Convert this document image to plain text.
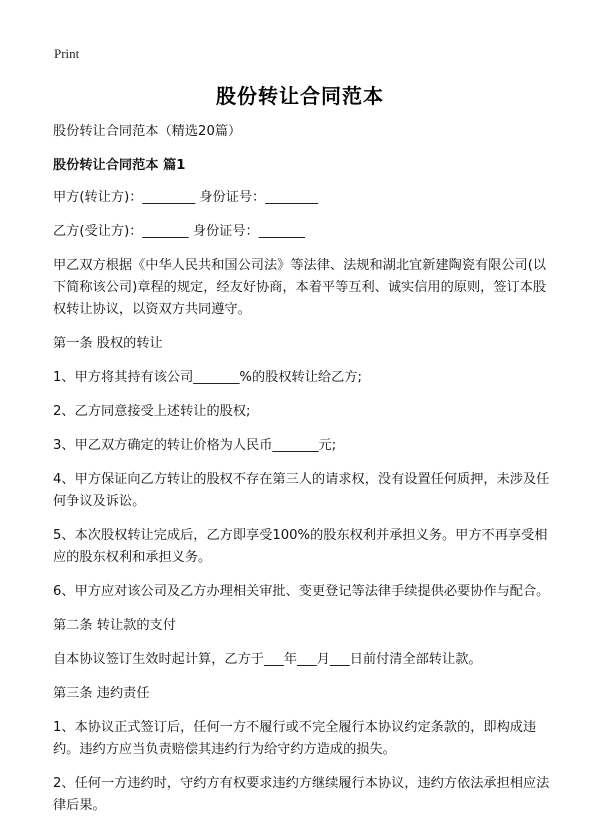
Print
股份转让合同范本

股份转让合同范本（精选20篇）

股份转让合同范本 篇1

甲方(转让方)：________ 身份证号：________

乙方(受让方)：_______ 身份证号：_______

甲乙双方根据《中华人民共和国公司法》等法律、法规和湖北宜新建陶瓷有限公司(以下简称该公司)章程的规定，经友好协商，本着平等互利、诚实信用的原则，签订本股权转让协议，以资双方共同遵守。

第一条 股权的转让

1、甲方将其持有该公司_______%的股权转让给乙方;

2、乙方同意接受上述转让的股权;

3、甲乙双方确定的转让价格为人民币_______元;

4、甲方保证向乙方转让的股权不存在第三人的请求权，没有设置任何质押，未涉及任何争议及诉讼。

5、本次股权转让完成后，乙方即享受100%的股东权利并承担义务。甲方不再享受相应的股东权利和承担义务。

6、甲方应对该公司及乙方办理相关审批、变更登记等法律手续提供必要协作与配合。

第二条 转让款的支付

自本协议签订生效时起计算，乙方于___年___月___日前付清全部转让款。

第三条 违约责任

1、本协议正式签订后，任何一方不履行或不完全履行本协议约定条款的，即构成违约。违约方应当负责赔偿其违约行为给守约方造成的损失。

2、任何一方违约时，守约方有权要求违约方继续履行本协议，违约方依法承担相应法律后果。
